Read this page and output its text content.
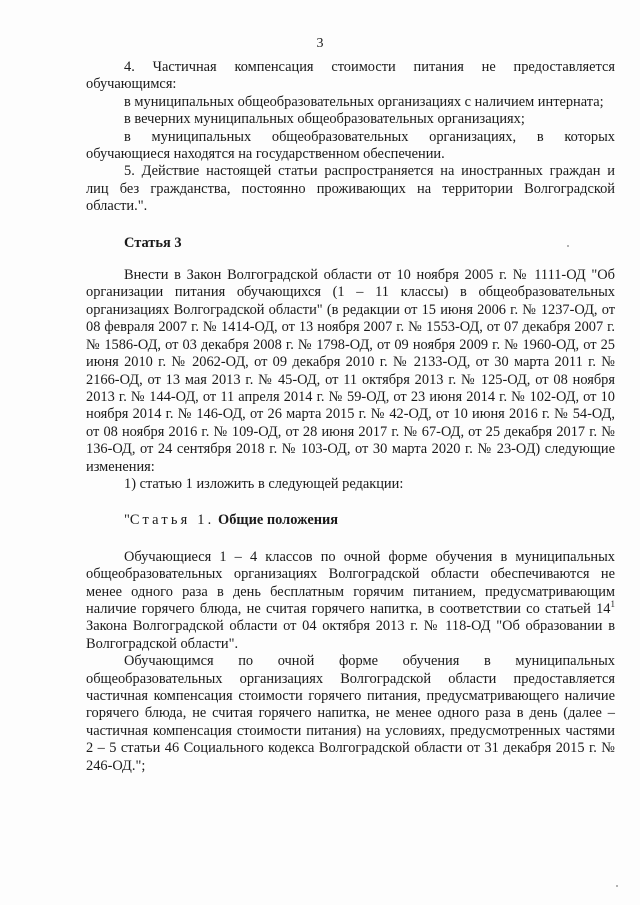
3

4. Частичная компенсация стоимости питания не предоставляется обучающимся:

в муниципальных общеобразовательных организациях с наличием интерната;

в вечерних муниципальных общеобразовательных организациях;

в муниципальных общеобразовательных организациях, в которых обучающиеся находятся на государственном обеспечении.

5. Действие настоящей статьи распространяется на иностранных граждан и лиц без гражданства, постоянно проживающих на территории Волгоградской области.".

Статья 3

Внести в Закон Волгоградской области от 10 ноября 2005 г. № 1111-ОД "Об организации питания обучающихся (1 – 11 классы) в общеобразовательных организациях Волгоградской области" (в редакции от 15 июня 2006 г. № 1237-ОД, от 08 февраля 2007 г. № 1414-ОД, от 13 ноября 2007 г. № 1553-ОД, от 07 декабря 2007 г. № 1586-ОД, от 03 декабря 2008 г. № 1798-ОД, от 09 ноября 2009 г. № 1960-ОД, от 25 июня 2010 г. № 2062-ОД, от 09 декабря 2010 г. № 2133-ОД, от 30 марта 2011 г. № 2166-ОД, от 13 мая 2013 г. № 45-ОД, от 11 октября 2013 г. № 125-ОД, от 08 ноября 2013 г. № 144-ОД, от 11 апреля 2014 г. № 59-ОД, от 23 июня 2014 г. № 102-ОД, от 10 ноября 2014 г. № 146-ОД, от 26 марта 2015 г. № 42-ОД, от 10 июня 2016 г. № 54-ОД, от 08 ноября 2016 г. № 109-ОД, от 28 июня 2017 г. № 67-ОД, от 25 декабря 2017 г. № 136-ОД, от 24 сентября 2018 г. № 103-ОД, от 30 марта 2020 г. № 23-ОД) следующие изменения:

1) статью 1 изложить в следующей редакции:

"Статья 1. Общие положения

Обучающиеся 1 – 4 классов по очной форме обучения в муниципальных общеобразовательных организациях Волгоградской области обеспечиваются не менее одного раза в день бесплатным горячим питанием, предусматривающим наличие горячего блюда, не считая горячего напитка, в соответствии со статьей $14^1$ Закона Волгоградской области от 04 октября 2013 г. № 118-ОД "Об образовании в Волгоградской области".

Обучающимся по очной форме обучения в муниципальных общеобразовательных организациях Волгоградской области предоставляется частичная компенсация стоимости горячего питания, предусматривающего наличие горячего блюда, не считая горячего напитка, не менее одного раза в день (далее – частичная компенсация стоимости питания) на условиях, предусмотренных частями 2 – 5 статьи 46 Социального кодекса Волгоградской области от 31 декабря 2015 г. № 246-ОД.";
